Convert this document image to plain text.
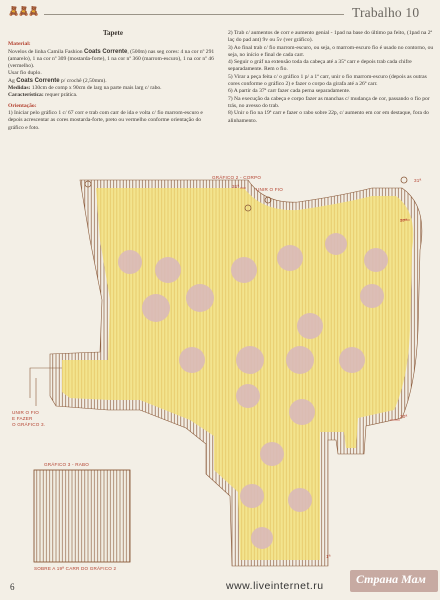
🧸🧸🧸	Trabalho 10

Tapete

Material:

Novelos de linha Camila Fashion Coats Corrente, (500m) nas seg cores: 4 na cor nº 291 (amarelo), 1 na cor nº 309 (mostarda-forte), 1 na cor nº 360 (marrom-escuro), 1 na cor nº 46 (vermelho).

Usar fio duplo.

Ag Coats Corrente p/ crochê (2,50mm).

Medidas: 130cm de comp x 90cm de larg na parte mais larg c/ rabo.

Característica: requer prática.

Orientação:

1) Iniciar pelo gráfico 1 c/ 67 corr e trab com carr de ida e volta c/ fio marrom-escuro e depois acrescentar as cores mostarda-forte, preto ou vermelho conforme orientação do gráfico e foto.

2) Trab c/ aumentos de corr e aumento genial - 1pad na base do último pa feito, (1pad na 2ª laç do pad ant) 9v ou 5v (ver gráfico).

3) Ao final trab c/ fio marrom-escuro, ou seja, o marrom-escuro fio é usado no contorno, ou seja, no início e final de cada carr.

4) Seguir o gráf na extensão toda da cabeça até a 35ª carr e depois trab cada chifre separadamente. Rem o fio.

5) Virar a peça feita c/ o gráfico 1 p/ a 1ª carr, unir o fio marrom-escuro (depois as outras cores conforme o gráfico 2) e fazer o corpo da girafa até a 26ª carr.

6) A partir da 37ª carr fazer cada perna separadamente.

7) Na execução da cabeça e corpo fazer as manchas c/ mudança de cor, passando o fio por trás, no avesso do trab.

8) Unir o fio na 19ª carr e fazer o rabo sobre 22p, c/ aumento em cor em destaque, fora do alinhamento.

GRÁFICO 2 - CORPO
UNIR O FIO
31ª
31ª
37ª
20ª
1ª
UNIR O FIO
E FAZER
O GRÁFICO 3.
GRÁFICO 3 - RABO
SOBRE A 19ª CARR DO GRÁFICO 2
6	www.liveinternet.ru	Страна Мам
